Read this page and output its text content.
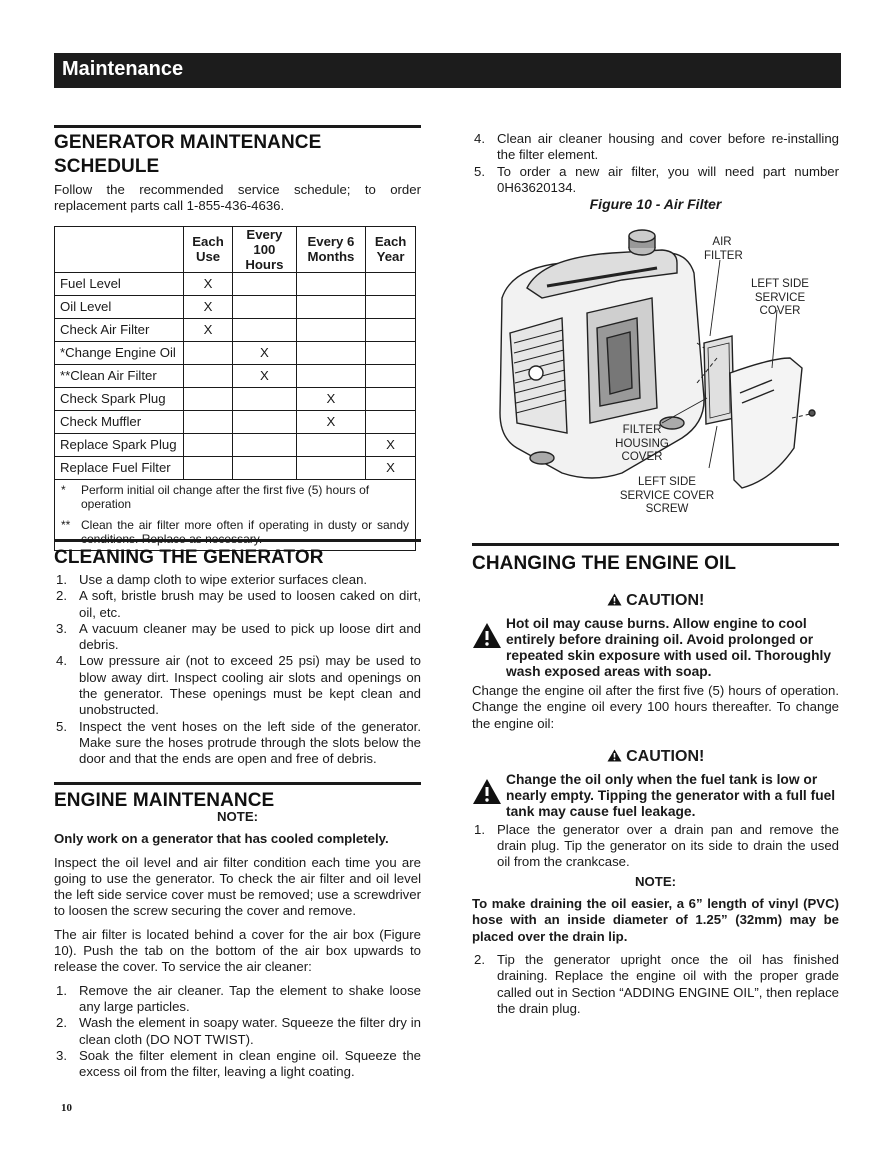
Maintenance
GENERATOR MAINTENANCE SCHEDULE

Follow the recommended service schedule; to order replacement parts call 1-855-436-4636.

	Each Use	Every 100 Hours	Every 6 Months	Each Year
Fuel Level	X			
Oil Level	X			
Check Air Filter	X			
*Change Engine Oil		X		
**Clean Air Filter		X		
Check Spark Plug			X	
Check Muffler			X	
Replace Spark Plug				X
Replace Fuel Filter				X

* Perform initial oil change after the first five (5) hours of operation
** Clean the air filter more often if operating in dusty or sandy conditions. Replace as necessary.				
CLEANING THE GENERATOR
1. Use a damp cloth to wipe exterior surfaces clean.
2. A soft, bristle brush may be used to loosen caked on dirt, oil, etc.
3. A vacuum cleaner may be used to pick up loose dirt and debris.
4. Low pressure air (not to exceed 25 psi) may be used to blow away dirt. Inspect cooling air slots and openings on the generator. These openings must be kept clean and unobstructed.
5. Inspect the vent hoses on the left side of the generator. Make sure the hoses protrude through the slots below the door and that the ends are open and free of debris.
ENGINE MAINTENANCE

NOTE:

Only work on a generator that has cooled completely.

Inspect the oil level and air filter condition each time you are going to use the generator. To check the air filter and oil level the left side service cover must be removed; use a screwdriver to loosen the screw securing the cover and remove.

The air filter is located behind a cover for the air box (Figure 10). Push the tab on the bottom of the air box upwards to release the cover. To service the air cleaner:

1. Remove the air cleaner. Tap the element to shake loose any large particles.
2. Wash the element in soapy water. Squeeze the filter dry in clean cloth (DO NOT TWIST).
3. Soak the filter element in clean engine oil. Squeeze the excess oil from the filter, leaving a light coating.
4. Clean air cleaner housing and cover before re-installing the filter element.
5. To order a new air filter, you will need part number 0H63620134.
Figure 10 - Air Filter
AIR FILTER
LEFT SIDE SERVICE COVER
FILTER HOUSING COVER
LEFT SIDE SERVICE COVER SCREW
CHANGING THE ENGINE OIL

CAUTION!

Hot oil may cause burns. Allow engine to cool entirely before draining oil. Avoid prolonged or repeated skin exposure with used oil. Thoroughly wash exposed areas with soap.

Change the engine oil after the first five (5) hours of operation. Change the engine oil every 100 hours thereafter. To change the engine oil:

CAUTION!

Change the oil only when the fuel tank is low or nearly empty. Tipping the generator with a full fuel tank may cause fuel leakage.
1. Place the generator over a drain pan and remove the drain plug. Tip the generator on its side to drain the used oil from the crankcase.

NOTE:

To make draining the oil easier, a 6” length of vinyl (PVC) hose with an inside diameter of 1.25” (32mm) may be placed over the drain lip.

2. Tip the generator upright once the oil has finished draining. Replace the engine oil with the proper grade called out in Section “ADDING ENGINE OIL”, then replace the drain plug.
10
